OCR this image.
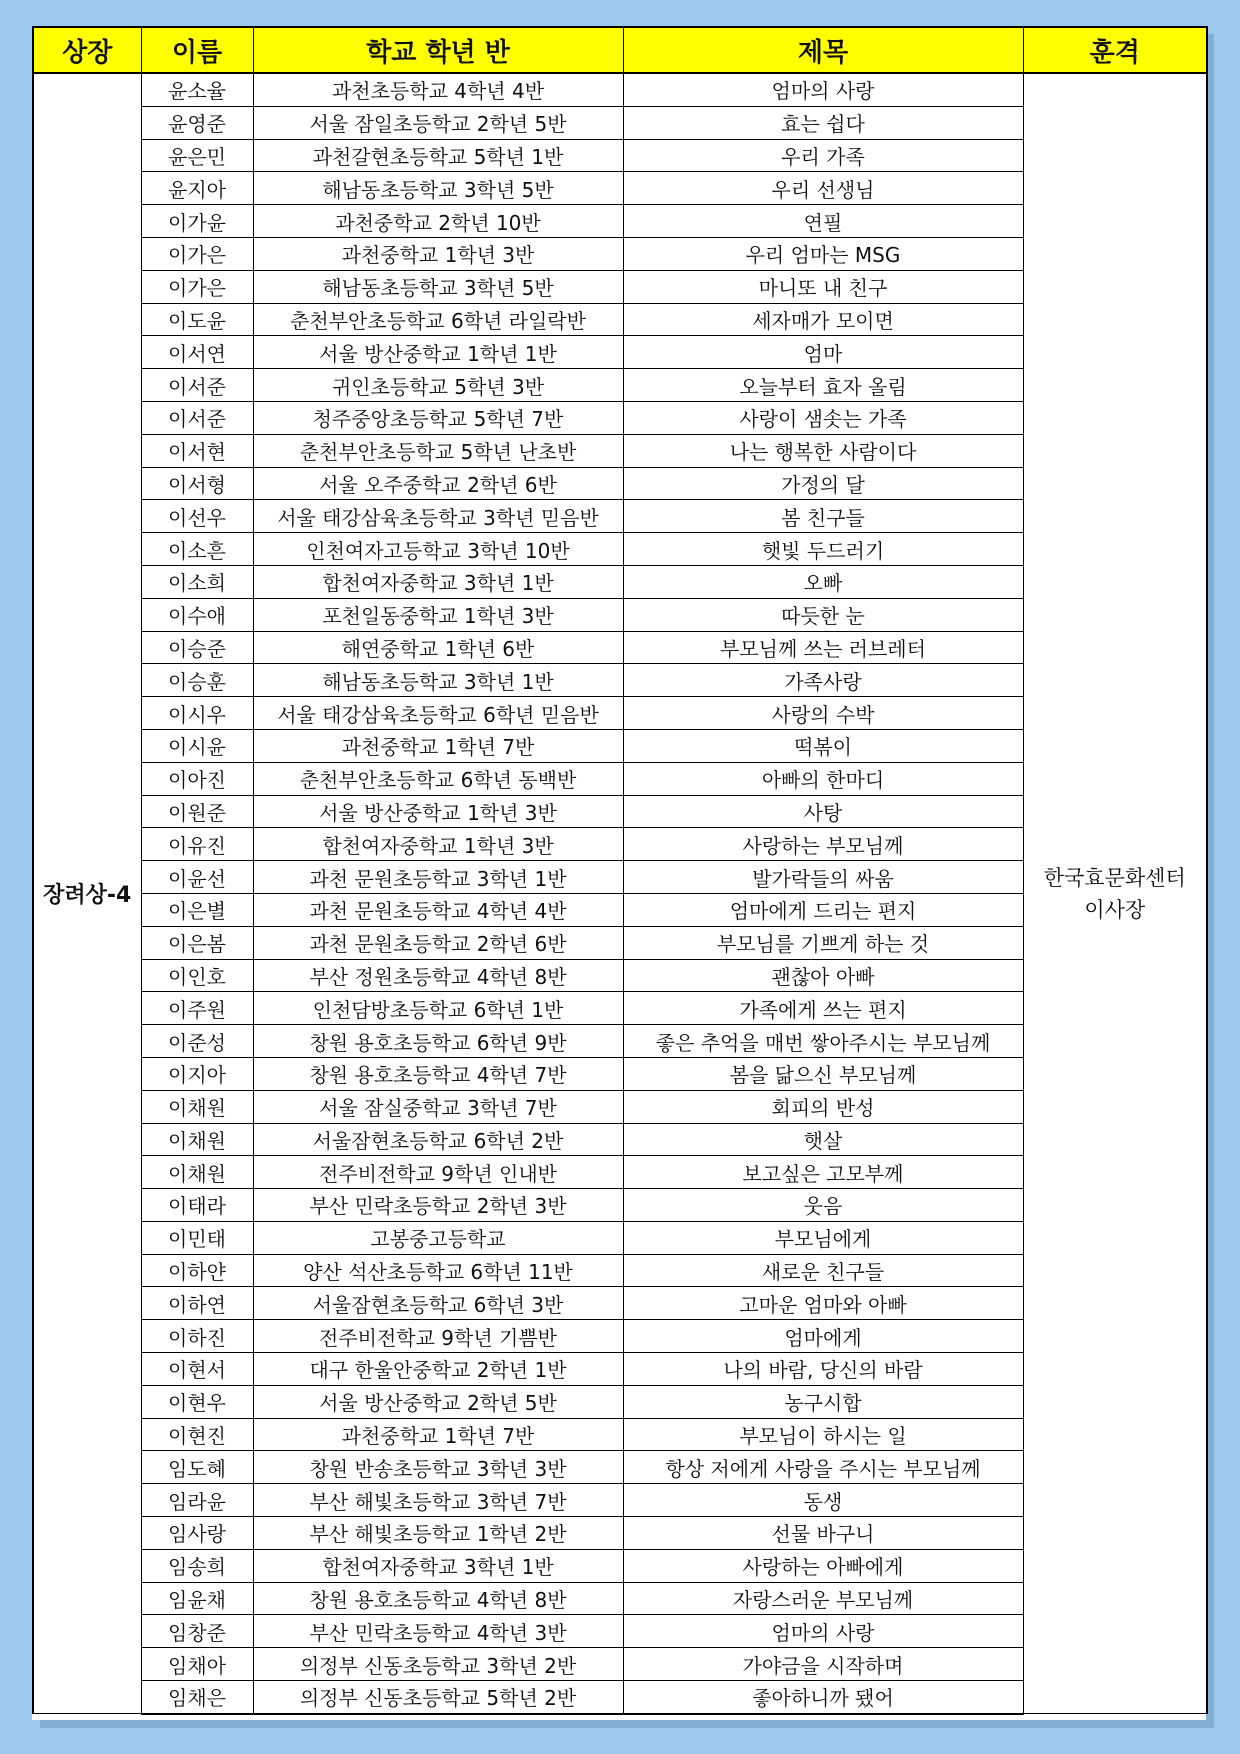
상장	이름	학교 학년 반	제목	훈격
장려상-4	윤소율	과천초등학교 4학년 4반	엄마의 사랑	한국효문화센터
이사장

	윤영준	서울 잠일초등학교 2학년 5반	효는 쉽다	
	윤은민	과천갈현초등학교 5학년 1반	우리 가족	
	윤지아	해남동초등학교 3학년 5반	우리 선생님	
	이가윤	과천중학교 2학년 10반	연필	
	이가은	과천중학교 1학년 3반	우리 엄마는 MSG	
	이가은	해남동초등학교 3학년 5반	마니또 내 친구	
	이도윤	춘천부안초등학교 6학년 라일락반	세자매가 모이면	
	이서연	서울 방산중학교 1학년 1반	엄마	
	이서준	귀인초등학교 5학년 3반	오늘부터 효자 올림	
	이서준	청주중앙초등학교 5학년 7반	사랑이 샘솟는 가족	
	이서현	춘천부안초등학교 5학년 난초반	나는 행복한 사람이다	
	이서형	서울 오주중학교 2학년 6반	가정의 달	
	이선우	서울 태강삼육초등학교 3학년 믿음반	봄 친구들	
	이소흔	인천여자고등학교 3학년 10반	햇빛 두드러기	
	이소희	합천여자중학교 3학년 1반	오빠	
	이수애	포천일동중학교 1학년 3반	따듯한 눈	
	이승준	해연중학교 1학년 6반	부모님께 쓰는 러브레터	
	이승훈	해남동초등학교 3학년 1반	가족사랑	
	이시우	서울 태강삼육초등학교 6학년 믿음반	사랑의 수박	
	이시윤	과천중학교 1학년 7반	떡볶이	
	이아진	춘천부안초등학교 6학년 동백반	아빠의 한마디	
	이원준	서울 방산중학교 1학년 3반	사탕	
	이유진	합천여자중학교 1학년 3반	사랑하는 부모님께	
	이윤선	과천 문원초등학교 3학년 1반	발가락들의 싸움	
	이은별	과천 문원초등학교 4학년 4반	엄마에게 드리는 편지	
	이은봄	과천 문원초등학교 2학년 6반	부모님를 기쁘게 하는 것	
	이인호	부산 정원초등학교 4학년 8반	괜찮아 아빠	
	이주원	인천담방초등학교 6학년 1반	가족에게 쓰는 편지	
	이준성	창원 용호초등학교 6학년 9반	좋은 추억을 매번 쌓아주시는 부모님께	
	이지아	창원 용호초등학교 4학년 7반	봄을 닮으신 부모님께	
	이채원	서울 잠실중학교 3학년 7반	회피의 반성	
	이채원	서울잠현초등학교 6학년 2반	햇살	
	이채원	전주비전학교 9학년 인내반	보고싶은 고모부께	
	이태라	부산 민락초등학교 2학년 3반	웃음	
	이민태	고봉중고등학교	부모님에게	
	이하얀	양산 석산초등학교 6학년 11반	새로운 친구들	
	이하연	서울잠현초등학교 6학년 3반	고마운 엄마와 아빠	
	이하진	전주비전학교 9학년 기쁨반	엄마에게	
	이현서	대구 한울안중학교 2학년 1반	나의 바람, 당신의 바람	
	이현우	서울 방산중학교 2학년 5반	농구시합	
	이현진	과천중학교 1학년 7반	부모님이 하시는 일	
	임도혜	창원 반송초등학교 3학년 3반	항상 저에게 사랑을 주시는 부모님께	
	임라윤	부산 해빛초등학교 3학년 7반	동생	
	임사랑	부산 해빛초등학교 1학년 2반	선물 바구니	
	임송희	합천여자중학교 3학년 1반	사랑하는 아빠에게	
	임윤채	창원 용호초등학교 4학년 8반	자랑스러운 부모님께	
	임창준	부산 민락초등학교 4학년 3반	엄마의 사랑	
	임채아	의정부 신동초등학교 3학년 2반	가야금을 시작하며	
	임채은	의정부 신동초등학교 5학년 2반	좋아하니까 됐어	
